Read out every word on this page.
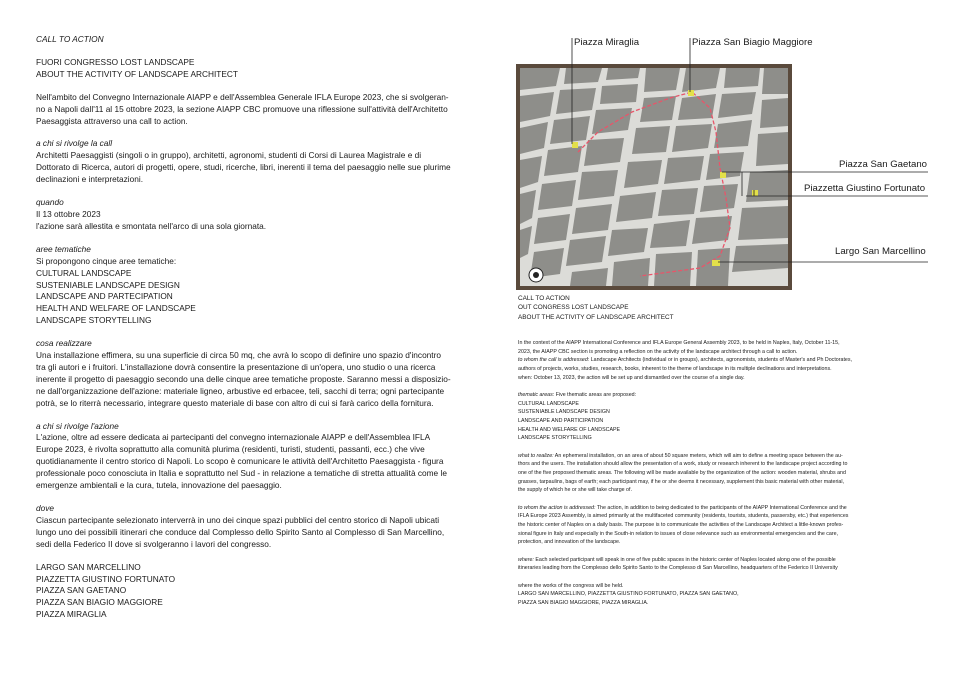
CALL TO ACTION

FUORI CONGRESSO LOST LANDSCAPE
ABOUT THE ACTIVITY OF LANDSCAPE ARCHITECT

Nell'ambito del Convegno Internazionale AIAPP e dell'Assemblea Generale IFLA Europe 2023, che si svolgeran-
no a Napoli dall'11 al 15 ottobre 2023, la sezione AIAPP CBC promuove una riflessione sull'attività dell'Architetto
Paesaggista attraverso una call to action.

a chi si rivolge la call
Architetti Paesaggisti (singoli o in gruppo), architetti, agronomi, studenti di Corsi di Laurea Magistrale e di
Dottorato di Ricerca, autori di progetti, opere, studi, ricerche, libri, inerenti il tema del paesaggio nelle sue plurime
declinazioni e interpretazioni.

quando
Il 13 ottobre 2023
l'azione sarà allestita e smontata nell'arco di una sola giornata.

aree tematiche
Si propongono cinque aree tematiche:
CULTURAL LANDSCAPE
SUSTENIABLE LANDSCAPE DESIGN
LANDSCAPE AND PARTECIPATION
HEALTH AND WELFARE OF LANDSCAPE
LANDSCAPE STORYTELLING

cosa realizzare
Una installazione effimera, su una superficie di circa 50 mq, che avrà lo scopo di definire uno spazio d'incontro
tra gli autori e i fruitori. L'installazione dovrà consentire la presentazione di un'opera, uno studio o una ricerca
inerente il progetto di paesaggio secondo una delle cinque aree tematiche proposte. Saranno messi a disposizio-
ne dall'organizzazione dell'azione: materiale ligneo, arbustive ed erbacee, teli, sacchi di terra; ogni partecipante
potrà, se lo riterrà necessario, integrare questo materiale di base con altro di cui si farà carico della fornitura.

a chi si rivolge l'azione
L'azione, oltre ad essere dedicata ai partecipanti del convegno internazionale AIAPP e dell'Assemblea IFLA
Europe 2023, è rivolta soprattutto alla comunità plurima (residenti, turisti, studenti, passanti, ecc.) che vive
quotidianamente il centro storico di Napoli. Lo scopo è comunicare le attività dell'Architetto Paesaggista - figura
professionale poco conosciuta in Italia e soprattutto nel Sud - in relazione a tematiche di stretta attualità come le
emergenze ambientali e la cura, tutela, innovazione del paesaggio.

dove
Ciascun partecipante selezionato interverrà in uno dei cinque spazi pubblici del centro storico di Napoli ubicati
lungo uno dei possibili itinerari che conduce dal Complesso dello Spirito Santo al Complesso di San Marcellino,
sedi della Federico II dove si svolgeranno i lavori del congresso.

LARGO SAN MARCELLINO
PIAZZETTA GIUSTINO FORTUNATO
PIAZZA SAN GAETANO
PIAZZA SAN BIAGIO MAGGIORE
PIAZZA MIRAGLIA

Piazza Miraglia	Piazza San Biagio Maggiore
Piazza San Gaetano
Piazzetta Giustino Fortunato
Largo San Marcellino
CALL TO ACTION
OUT CONGRESS LOST LANDSCAPE
ABOUT THE ACTIVITY OF LANDSCAPE ARCHITECT

In the context of the AIAPP International Conference and IFLA Europe General Assembly 2023, to be held in Naples, Italy, October 11-15,
2023, the AIAPP CBC section is promoting a reflection on the activity of the landscape architect through a call to action.
to whom the call is addressed: Landscape Architects (individual or in groups), architects, agronomists, students of Master's and Ph Doctorates,
authors of projects, works, studies, research, books, inherent to the theme of landscape in its multiple declinations and interpretations.
when: October 13, 2023, the action will be set up and dismantled over the course of a single day.

thematic areas: Five thematic areas are proposed:
CULTURAL LANDSCAPE
SUSTENIABLE LANDSCAPE DESIGN
LANDSCAPE AND PARTICIPATION
HEALTH AND WELFARE OF LANDSCAPE
LANDSCAPE STORYTELLING

what to realize: An ephemeral installation, on an area of about 50 square meters, which will aim to define a meeting space between the au-
thors and the users. The installation should allow the presentation of a work, study or research inherent to the landscape project according to
one of the five proposed thematic areas. The following will be made available by the organization of the action: wooden material, shrubs and
grasses, tarpaulins, bags of earth; each participant may, if he or she deems it necessary, supplement this basic material with other material,
the supply of which he or she will take charge of.

to whom the action is addressed: The action, in addition to being dedicated to the participants of the AIAPP International Conference and the
IFLA Europe 2023 Assembly, is aimed primarily at the multifaceted community (residents, tourists, students, passersby, etc.) that experiences
the historic center of Naples on a daily basis. The purpose is to communicate the activities of the Landscape Architect a little-known profes-
sional figure in Italy and especially in the South-in relation to issues of close relevance such as environmental emergencies and the care,
protection, and innovation of the landscape.

where: Each selected participant will speak in one of five public spaces in the historic center of Naples located along one of the possible
itineraries leading from the Complesso dello Spirito Santo to the Complesso di San Marcellino, headquarters of the Federico II University

where the works of the congress will be held.
LARGO SAN MARCELLINO, PIAZZETTA GIUSTINO FORTUNATO, PIAZZA SAN GAETANO,
PIAZZA SAN BIAGIO MAGGIORE, PIAZZA MIRAGLIA.
